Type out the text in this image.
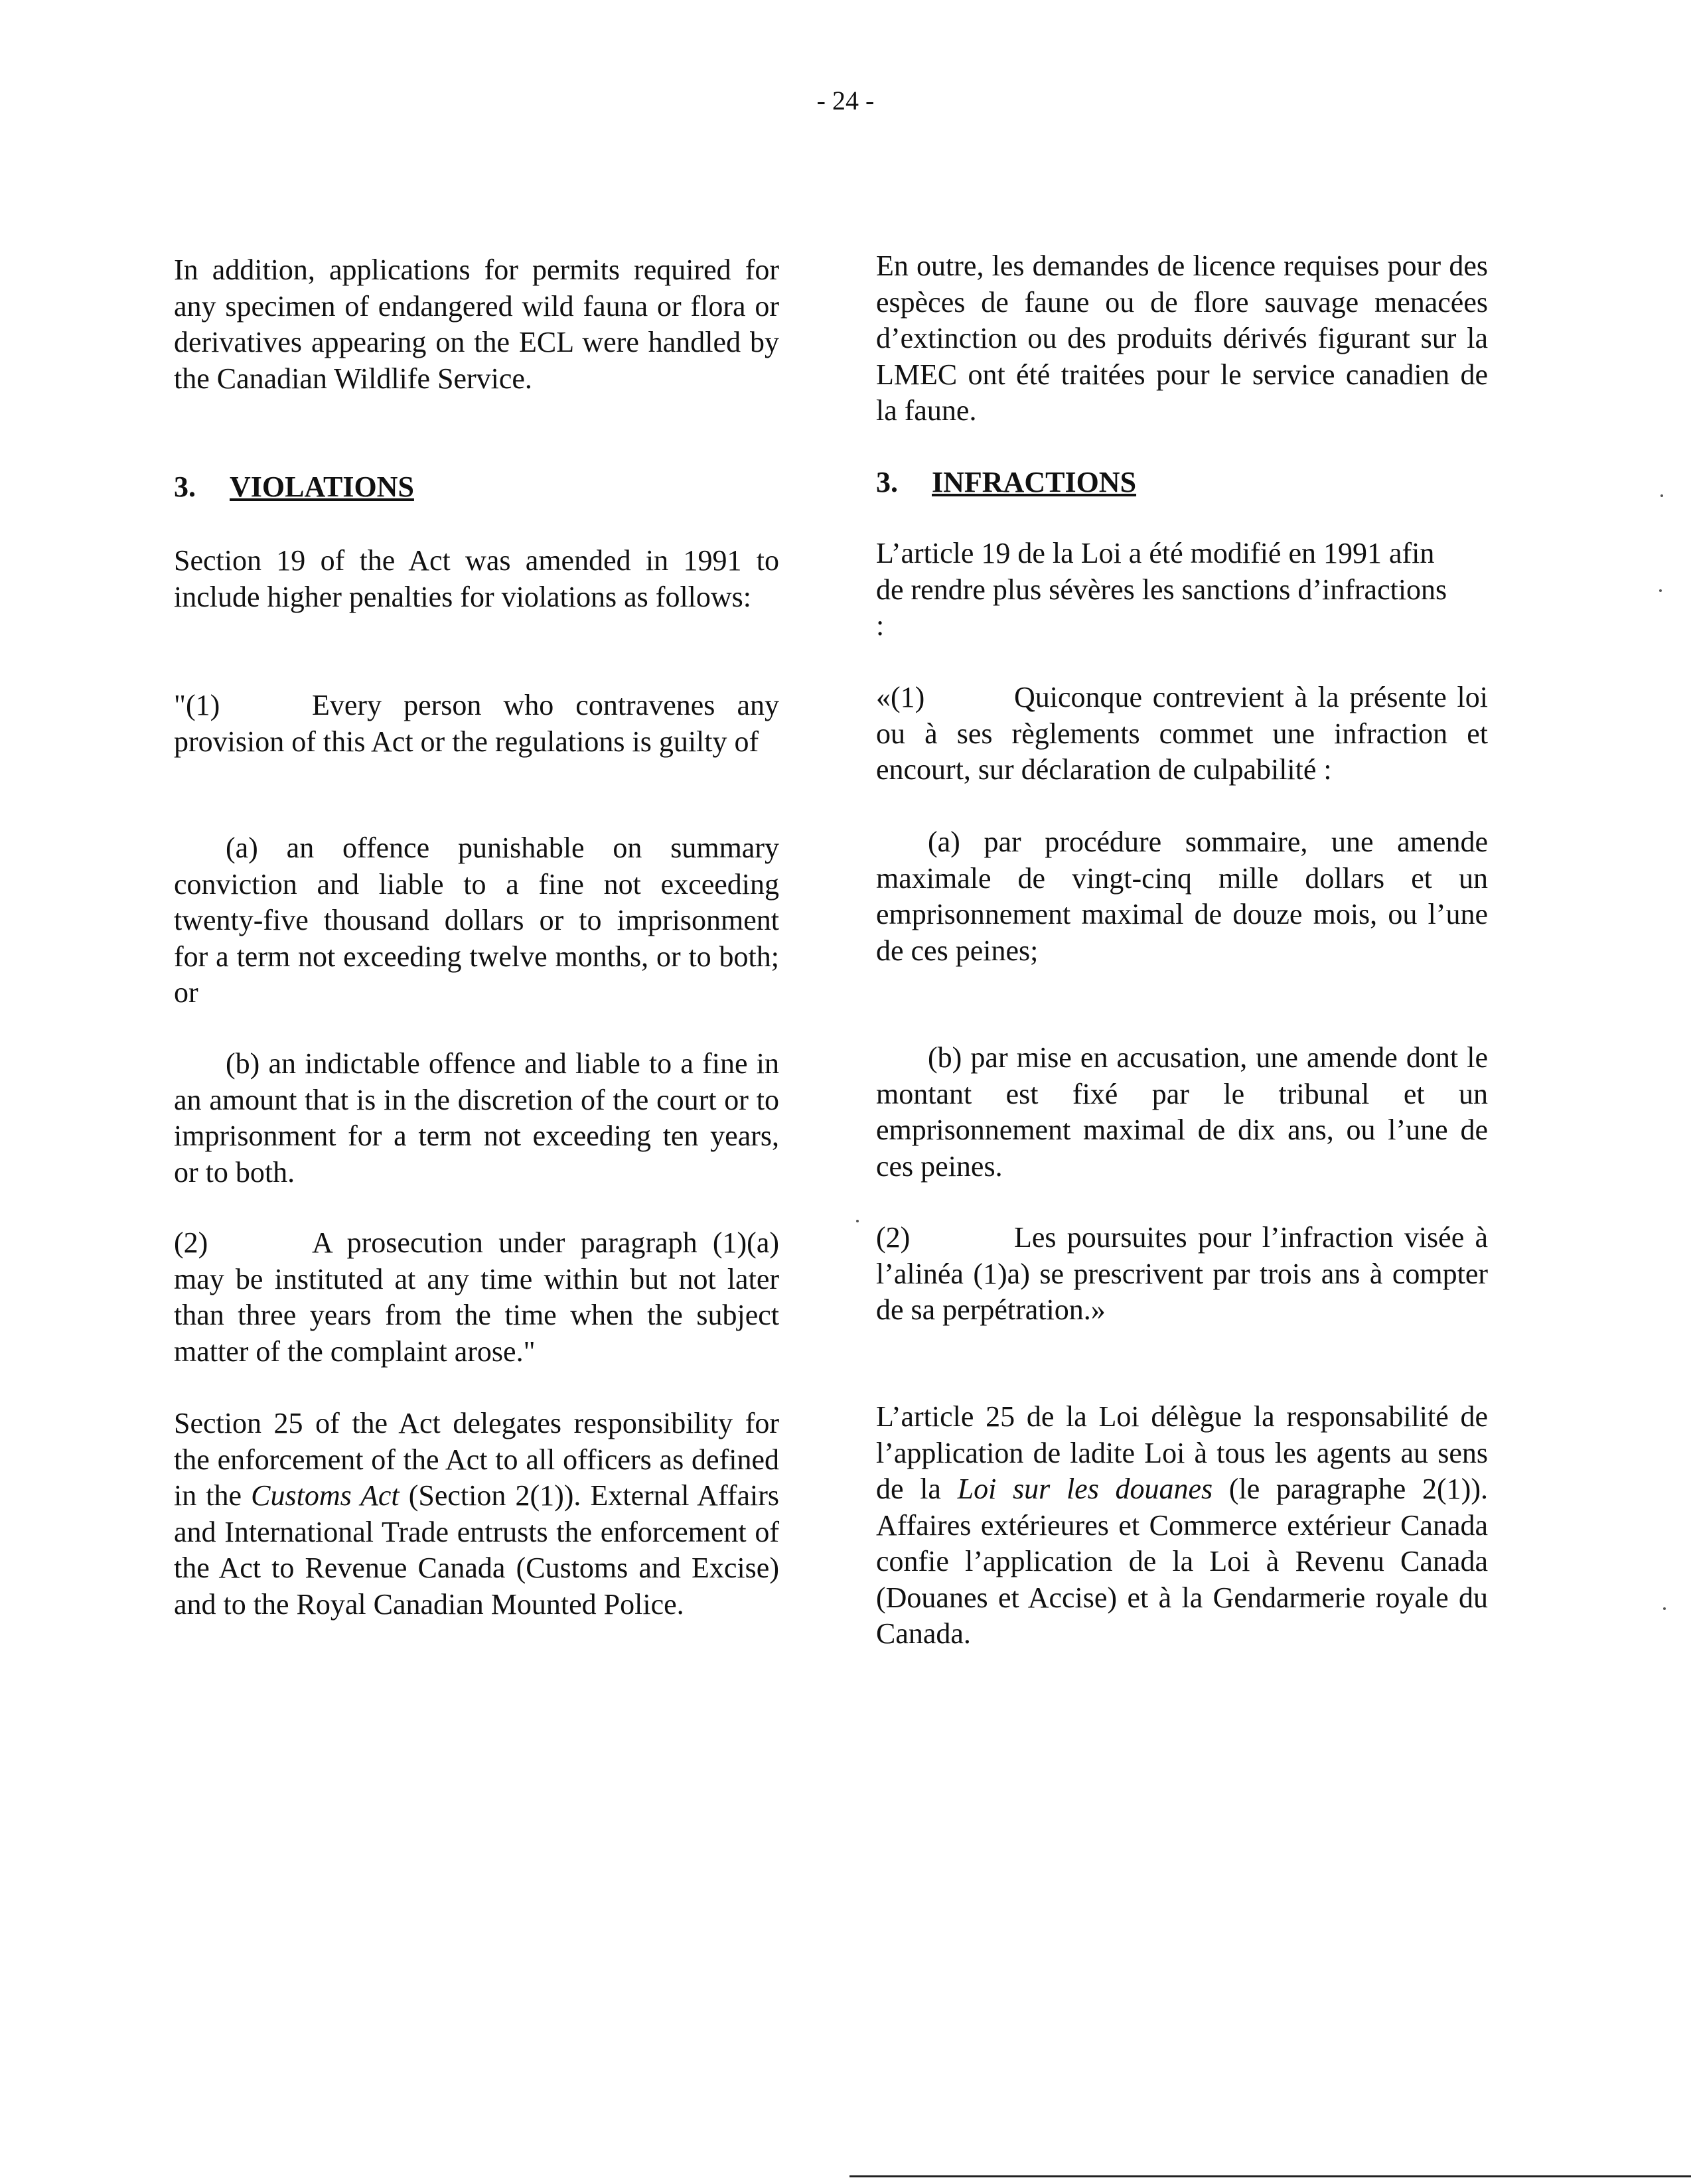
- 24 -

In addition, applications for permits required for any specimen of endangered wild fauna or flora or derivatives appearing on the ECL were handled by the Canadian Wildlife Service.

3. VIOLATIONS

Section 19 of the Act was amended in 1991 to include higher penalties for violations as follows:

"(1)	Every person who contravenes any provision of this Act or the regulations is guilty of

(a) an offence punishable on summary conviction and liable to a fine not exceeding twenty-five thousand dollars or to imprisonment for a term not exceeding twelve months, or to both; or

(b) an indictable offence and liable to a fine in an amount that is in the discretion of the court or to imprisonment for a term not exceeding ten years, or to both.

(2)	A prosecution under paragraph (1)(a) may be instituted at any time within but not later than three years from the time when the subject matter of the complaint arose."

Section 25 of the Act delegates responsibility for the enforcement of the Act to all officers as defined in the Customs Act (Section 2(1)). External Affairs and International Trade entrusts the enforcement of the Act to Revenue Canada (Customs and Excise) and to the Royal Canadian Mounted Police.

En outre, les demandes de licence requises pour des espèces de faune ou de flore sauvage menacées d’extinction ou des produits dérivés figurant sur la LMEC ont été traitées pour le service canadien de la faune.

3. INFRACTIONS

L’article 19 de la Loi a été modifié en 1991 afin de rendre plus sévères les sanctions d’infractions :

«(1)	Quiconque contrevient à la présente loi ou à ses règlements commet une infraction et encourt, sur déclaration de culpabilité :

(a) par procédure sommaire, une amende maximale de vingt-cinq mille dollars et un emprisonnement maximal de douze mois, ou l’une de ces peines;

(b) par mise en accusation, une amende dont le montant est fixé par le tribunal et un emprisonnement maximal de dix ans, ou l’une de ces peines.

(2)	Les poursuites pour l’infraction visée à l’alinéa (1)a) se prescrivent par trois ans à compter de sa perpétration.»

L’article 25 de la Loi délègue la responsabilité de l’application de ladite Loi à tous les agents au sens de la Loi sur les douanes (le paragraphe 2(1)). Affaires extérieures et Commerce extérieur Canada confie l’application de la Loi à Revenu Canada (Douanes et Accise) et à la Gendarmerie royale du Canada.
